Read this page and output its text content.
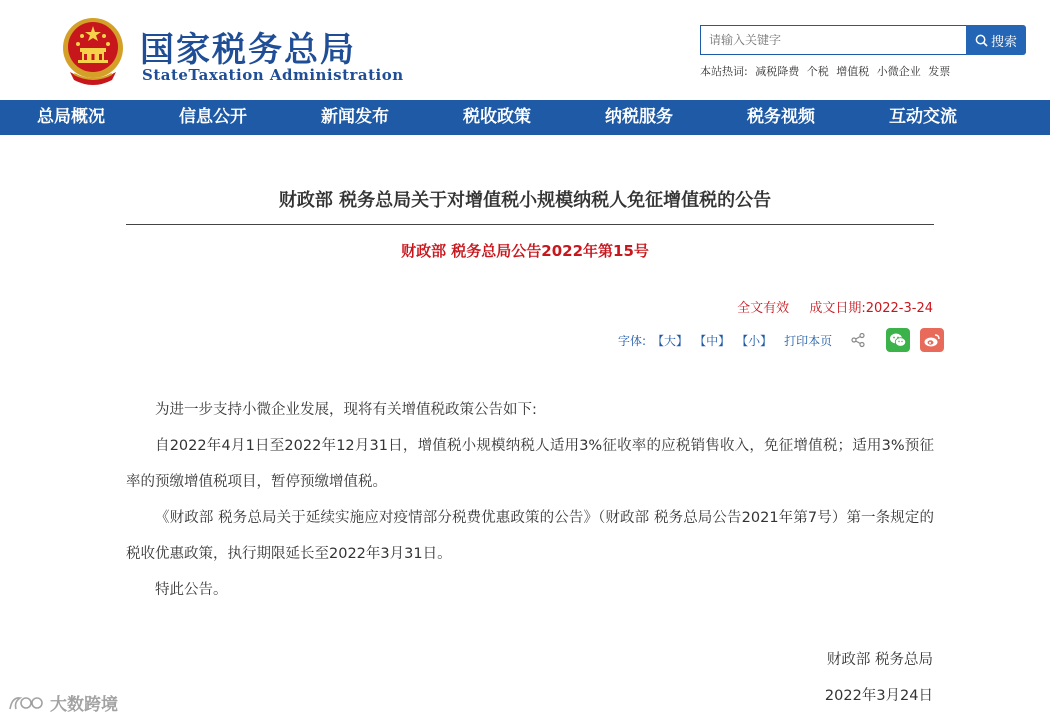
国家税务总局
StateTaxation Administration
请输入关键字
搜索
本站热词: 减税降费 个税 增值税 小微企业 发票
总局概况	信息公开	新闻发布	税收政策	纳税服务	税务视频	互动交流
财政部 税务总局关于对增值税小规模纳税人免征增值税的公告
财政部 税务总局公告2022年第15号
全文有效 成文日期:2022-3-24
字体: 【大】 【中】 【小】 打印本页

为进一步支持小微企业发展，现将有关增值税政策公告如下:

自2022年4月1日至2022年12月31日，增值税小规模纳税人适用3%征收率的应税销售收入，免征增值税；适用3%预征率的预缴增值税项目，暂停预缴增值税。

《财政部 税务总局关于延续实施应对疫情部分税费优惠政策的公告》（财政部 税务总局公告2021年第7号）第一条规定的税收优惠政策，执行期限延长至2022年3月31日。

特此公告。

财政部 税务总局
2022年3月24日
大数跨境
